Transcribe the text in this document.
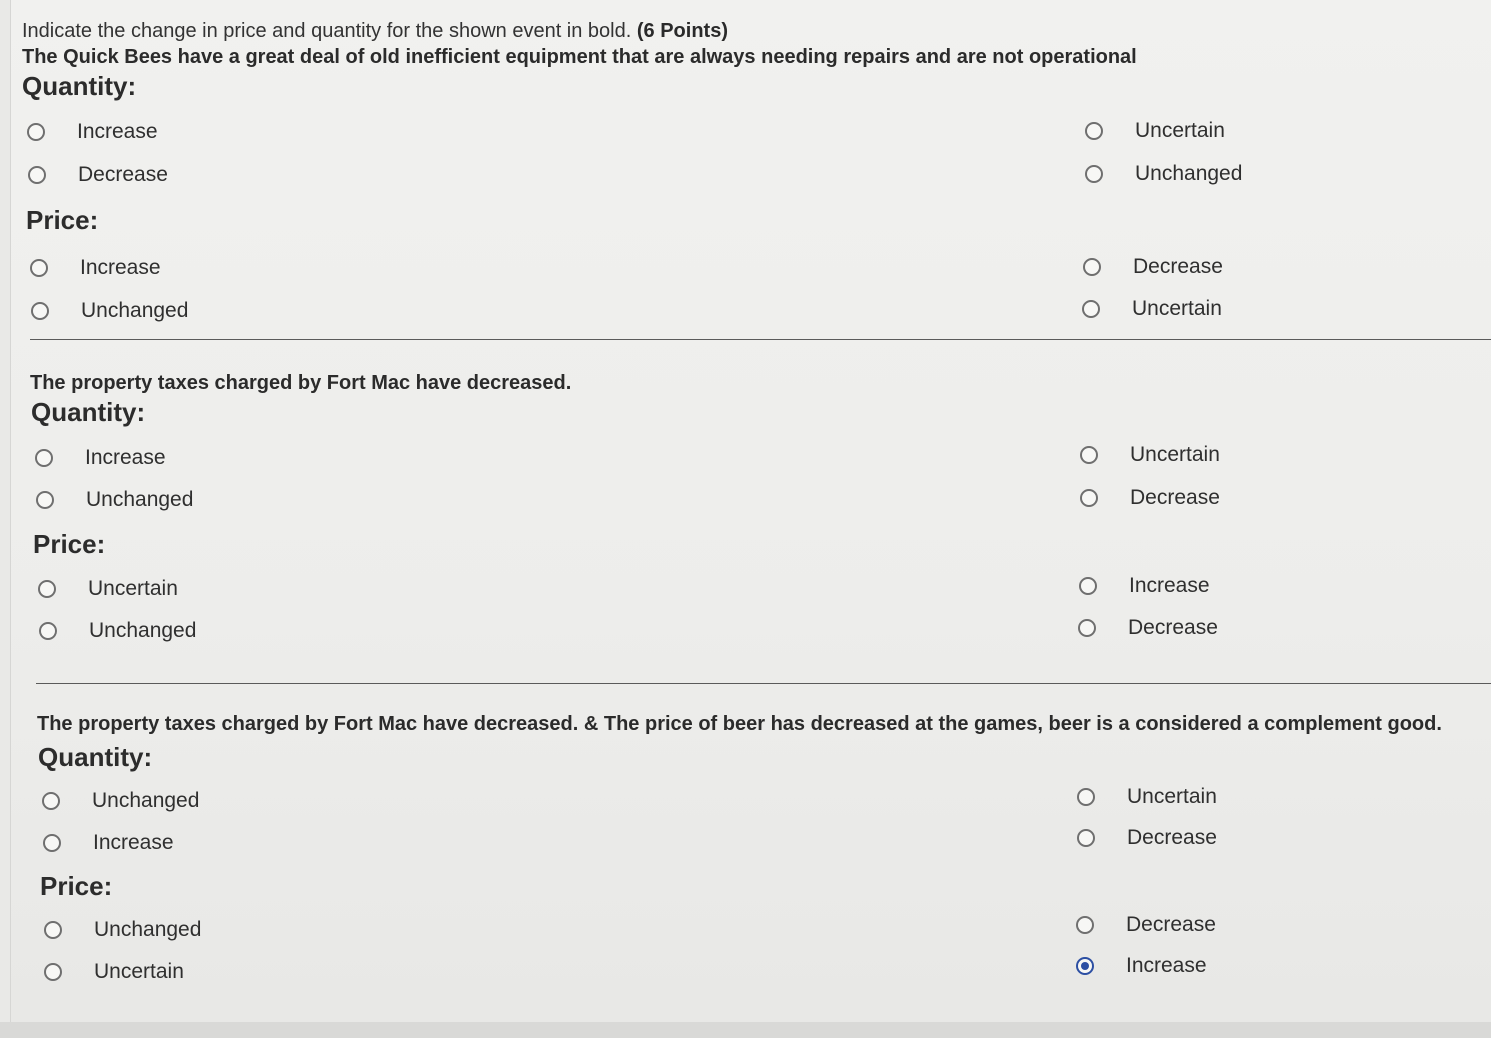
Indicate the change in price and quantity for the shown event in bold. (6 Points)
The Quick Bees have a great deal of old inefficient equipment that are always needing repairs and are not operational
Quantity:
Increase
Decrease
Uncertain
Unchanged
Price:
Increase
Unchanged
Decrease
Uncertain
The property taxes charged by Fort Mac have decreased.
Quantity:
Increase
Unchanged
Uncertain
Decrease
Price:
Uncertain
Unchanged
Increase
Decrease
The property taxes charged by Fort Mac have decreased. & The price of beer has decreased at the games, beer is a considered a complement good.
Quantity:
Unchanged
Increase
Uncertain
Decrease
Price:
Unchanged
Uncertain
Decrease
Increase
